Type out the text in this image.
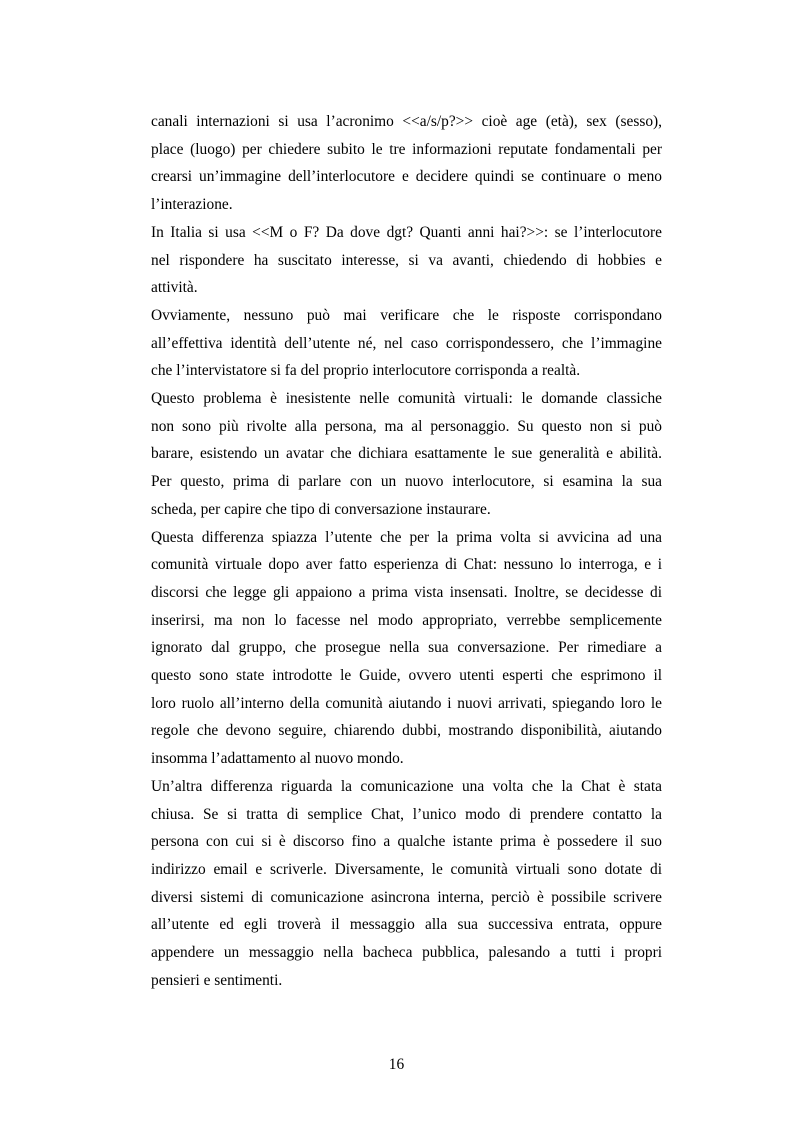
canali internazioni si usa l’acronimo <<a/s/p?>> cioè age (età), sex (sesso),
place (luogo) per chiedere subito le tre informazioni reputate fondamentali per
crearsi un’immagine dell’interlocutore e decidere quindi se continuare o meno
l’interazione.

In Italia si usa <<M o F? Da dove dgt? Quanti anni hai?>>: se l’interlocutore
nel rispondere ha suscitato interesse, si va avanti, chiedendo di hobbies e
attività.

Ovviamente, nessuno può mai verificare che le risposte corrispondano
all’effettiva identità dell’utente né, nel caso corrispondessero, che l’immagine
che l’intervistatore si fa del proprio interlocutore corrisponda a realtà.

Questo problema è inesistente nelle comunità virtuali: le domande classiche
non sono più rivolte alla persona, ma al personaggio. Su questo non si può
barare, esistendo un avatar che dichiara esattamente le sue generalità e abilità.
Per questo, prima di parlare con un nuovo interlocutore, si esamina la sua
scheda, per capire che tipo di conversazione instaurare.

Questa differenza spiazza l’utente che per la prima volta si avvicina ad una
comunità virtuale dopo aver fatto esperienza di Chat: nessuno lo interroga, e i
discorsi che legge gli appaiono a prima vista insensati. Inoltre, se decidesse di
inserirsi, ma non lo facesse nel modo appropriato, verrebbe semplicemente
ignorato dal gruppo, che prosegue nella sua conversazione. Per rimediare a
questo sono state introdotte le Guide, ovvero utenti esperti che esprimono il
loro ruolo all’interno della comunità aiutando i nuovi arrivati, spiegando loro le
regole che devono seguire, chiarendo dubbi, mostrando disponibilità, aiutando
insomma l’adattamento al nuovo mondo.

Un’altra differenza riguarda la comunicazione una volta che la Chat è stata
chiusa. Se si tratta di semplice Chat, l’unico modo di prendere contatto la
persona con cui si è discorso fino a qualche istante prima è possedere il suo
indirizzo email e scriverle. Diversamente, le comunità virtuali sono dotate di
diversi sistemi di comunicazione asincrona interna, perciò è possibile scrivere
all’utente ed egli troverà il messaggio alla sua successiva entrata, oppure
appendere un messaggio nella bacheca pubblica, palesando a tutti i propri
pensieri e sentimenti.

16
